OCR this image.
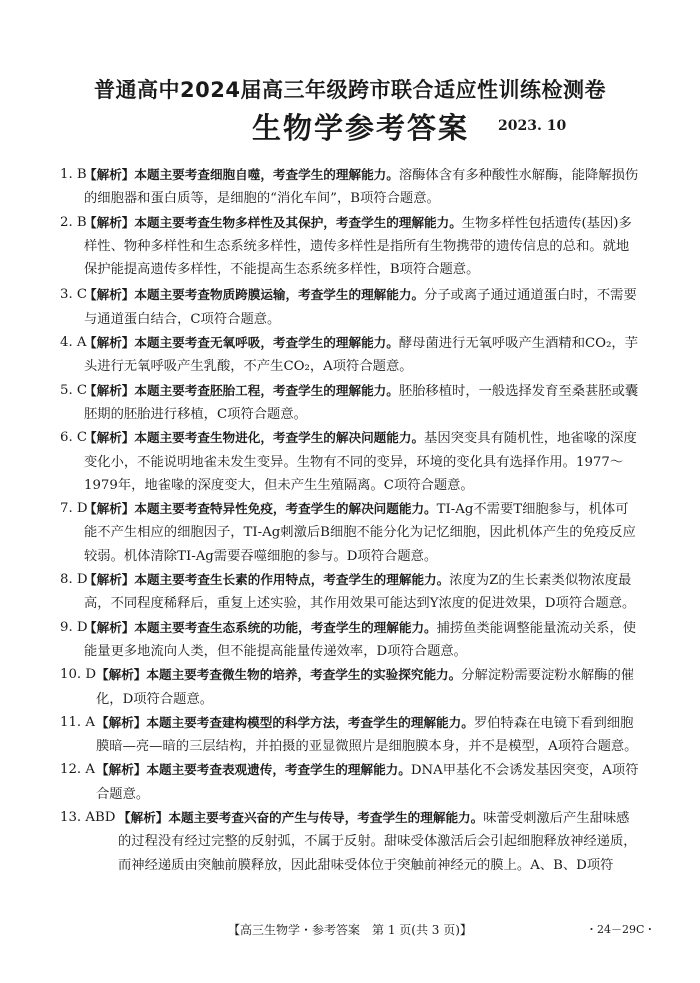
普通高中2024届高三年级跨市联合适应性训练检测卷
生物学参考答案 2023. 10
1. B
【解析】本题主要考查细胞自噬，考查学生的理解能力。溶酶体含有多种酸性水解酶，能降解损伤的细胞器和蛋白质等，是细胞的“消化车间”，B项符合题意。
2. B
【解析】本题主要考查生物多样性及其保护，考查学生的理解能力。生物多样性包括遗传(基因)多样性、物种多样性和生态系统多样性，遗传多样性是指所有生物携带的遗传信息的总和。就地保护能提高遗传多样性，不能提高生态系统多样性，B项符合题意。
3. C
【解析】本题主要考查物质跨膜运输，考查学生的理解能力。分子或离子通过通道蛋白时，不需要与通道蛋白结合，C项符合题意。
4. A
【解析】本题主要考查无氧呼吸，考查学生的理解能力。酵母菌进行无氧呼吸产生酒精和CO₂，芋头进行无氧呼吸产生乳酸，不产生CO₂，A项符合题意。
5. C
【解析】本题主要考查胚胎工程，考查学生的理解能力。胚胎移植时，一般选择发育至桑葚胚或囊胚期的胚胎进行移植，C项符合题意。
6. C
【解析】本题主要考查生物进化，考查学生的解决问题能力。基因突变具有随机性，地雀喙的深度变化小，不能说明地雀未发生变异。生物有不同的变异，环境的变化具有选择作用。1977～1979年，地雀喙的深度变大，但未产生生殖隔离。C项符合题意。
7. D
【解析】本题主要考查特异性免疫，考查学生的解决问题能力。TI-Ag不需要T细胞参与，机体可能不产生相应的细胞因子，TI-Ag刺激后B细胞不能分化为记忆细胞，因此机体产生的免疫反应较弱。机体清除TI-Ag需要吞噬细胞的参与。D项符合题意。
8. D
【解析】本题主要考查生长素的作用特点，考查学生的理解能力。浓度为Z的生长素类似物浓度最高，不同程度稀释后，重复上述实验，其作用效果可能达到Y浓度的促进效果，D项符合题意。
9. D
【解析】本题主要考查生态系统的功能，考查学生的理解能力。捕捞鱼类能调整能量流动关系，使能量更多地流向人类，但不能提高能量传递效率，D项符合题意。
10. D 【解析】本题主要考查微生物的培养，考查学生的实验探究能力。分解淀粉需要淀粉水解酶的催化，D项符合题意。
11. A 【解析】本题主要考查建构模型的科学方法，考查学生的理解能力。罗伯特森在电镜下看到细胞膜暗—亮—暗的三层结构，并拍摄的亚显微照片是细胞膜本身，并不是模型，A项符合题意。
12. A 【解析】本题主要考查表观遗传，考查学生的理解能力。DNA甲基化不会诱发基因突变，A项符合题意。
13. ABD 【解析】本题主要考查兴奋的产生与传导，考查学生的理解能力。味蕾受刺激后产生甜味感的过程没有经过完整的反射弧，不属于反射。甜味受体激活后会引起细胞释放神经递质，而神经递质由突触前膜释放，因此甜味受体位于突触前神经元的膜上。A、B、D项符
【高三生物学・参考答案　第 1 页(共 3 页)】	・24－29C・
